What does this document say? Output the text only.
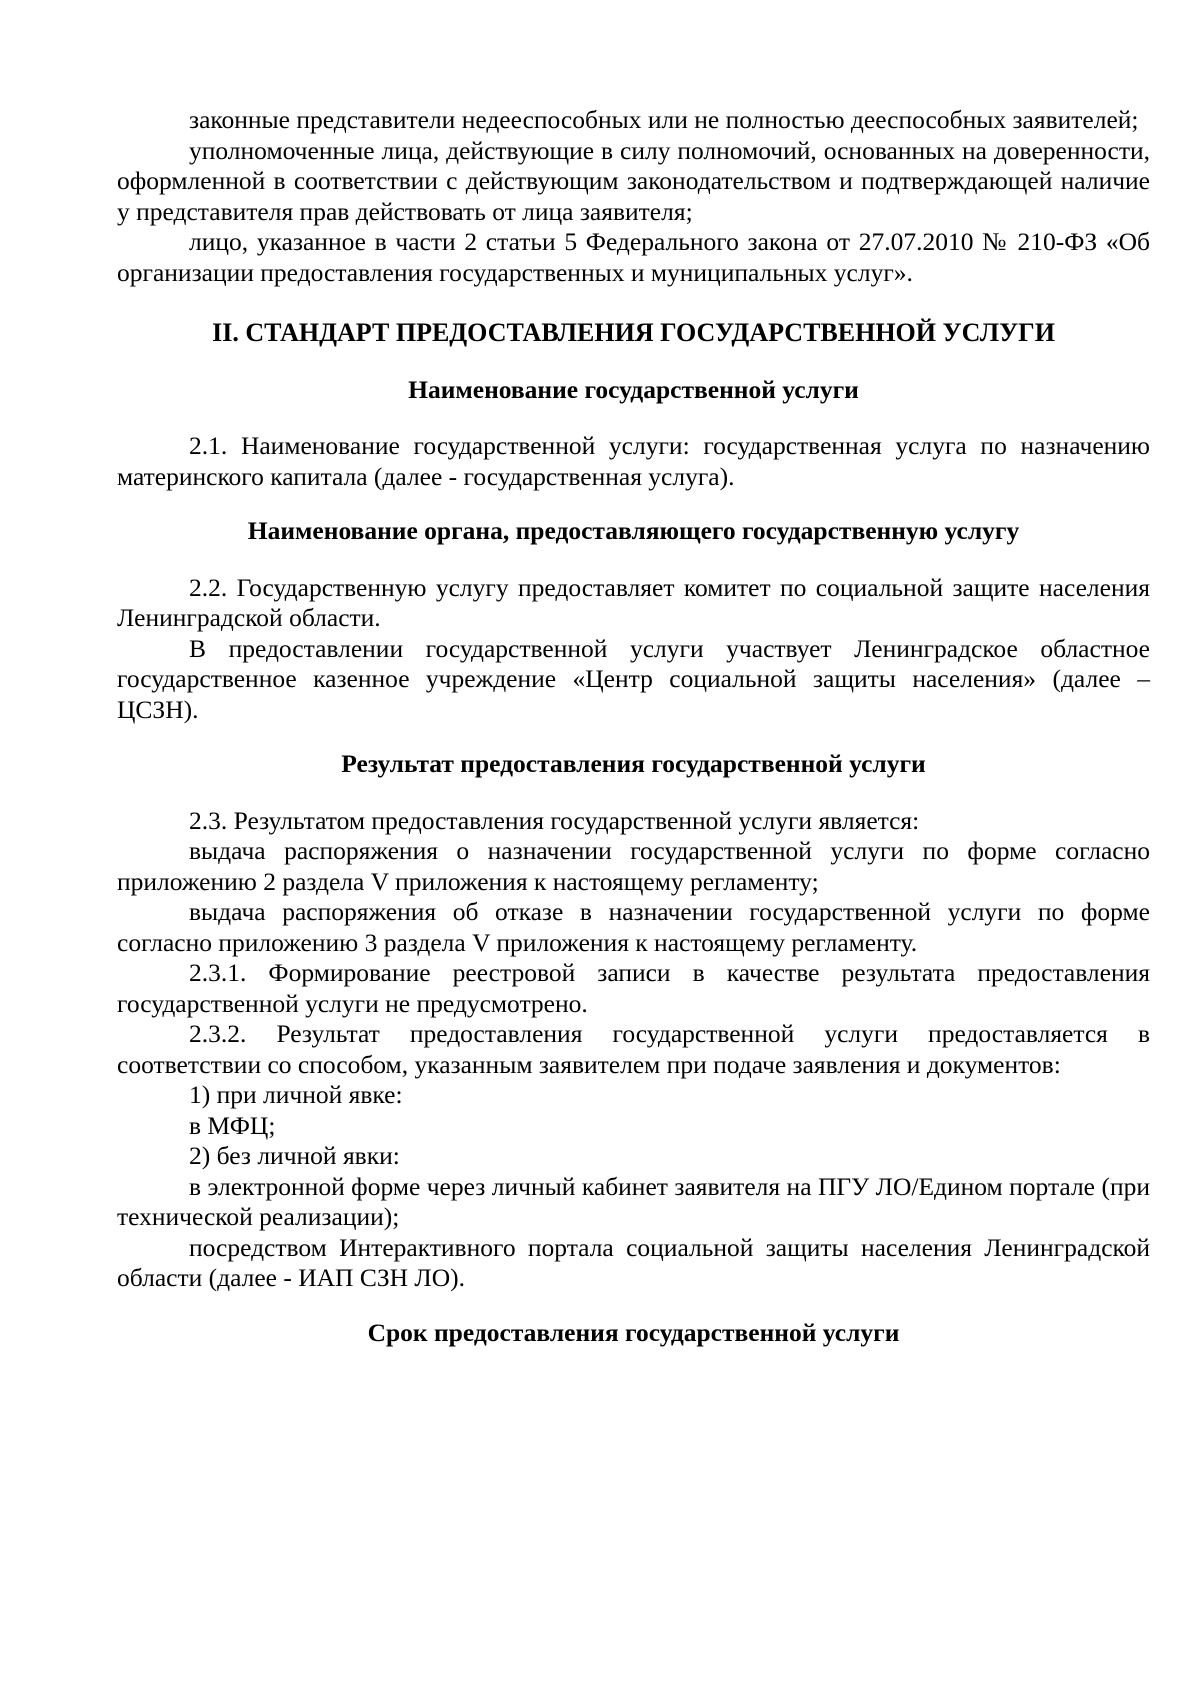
законные представители недееспособных или не полностью дееспособных заявителей;

уполномоченные лица, действующие в силу полномочий, основанных на доверенности, оформленной в соответствии с действующим законодательством и подтверждающей наличие у представителя прав действовать от лица заявителя;

лицо, указанное в части 2 статьи 5 Федерального закона от 27.07.2010 № 210-ФЗ «Об организации предоставления государственных и муниципальных услуг».

II. СТАНДАРТ ПРЕДОСТАВЛЕНИЯ ГОСУДАРСТВЕННОЙ УСЛУГИ

Наименование государственной услуги

2.1. Наименование государственной услуги: государственная услуга по назначению материнского капитала (далее - государственная услуга).

Наименование органа, предоставляющего государственную услугу

2.2. Государственную услугу предоставляет комитет по социальной защите населения Ленинградской области.

В предоставлении государственной услуги участвует Ленинградское областное государственное казенное учреждение «Центр социальной защиты населения» (далее – ЦСЗН).

Результат предоставления государственной услуги

2.3. Результатом предоставления государственной услуги является:

выдача распоряжения о назначении государственной услуги по форме согласно приложению 2 раздела V приложения к настоящему регламенту;

выдача распоряжения об отказе в назначении государственной услуги по форме согласно приложению 3 раздела V приложения к настоящему регламенту.

2.3.1. Формирование реестровой записи в качестве результата предоставления государственной услуги не предусмотрено.

2.3.2. Результат предоставления государственной услуги предоставляется в соответствии со способом, указанным заявителем при подаче заявления и документов:

1) при личной явке:

в МФЦ;

2) без личной явки:

в электронной форме через личный кабинет заявителя на ПГУ ЛО/Едином портале (при технической реализации);

посредством Интерактивного портала социальной защиты населения Ленинградской области (далее - ИАП СЗН ЛО).

Срок предоставления государственной услуги
